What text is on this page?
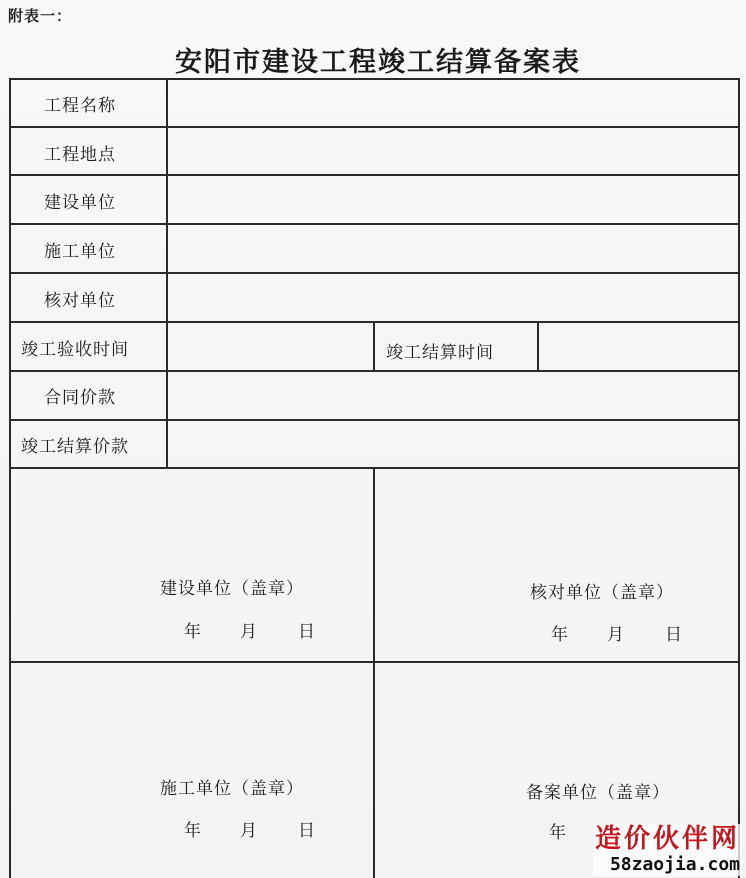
附表一：
安阳市建设工程竣工结算备案表
工程名称
工程地点
建设单位
施工单位
核对单位
竣工验收时间	竣工结算时间
合同价款
竣工结算价款
建设单位（盖章）
年 月 日
核对单位（盖章）
年 月 日
施工单位（盖章）
年 月 日
备案单位（盖章）
年 造价伙伴网
58zaojia.com
